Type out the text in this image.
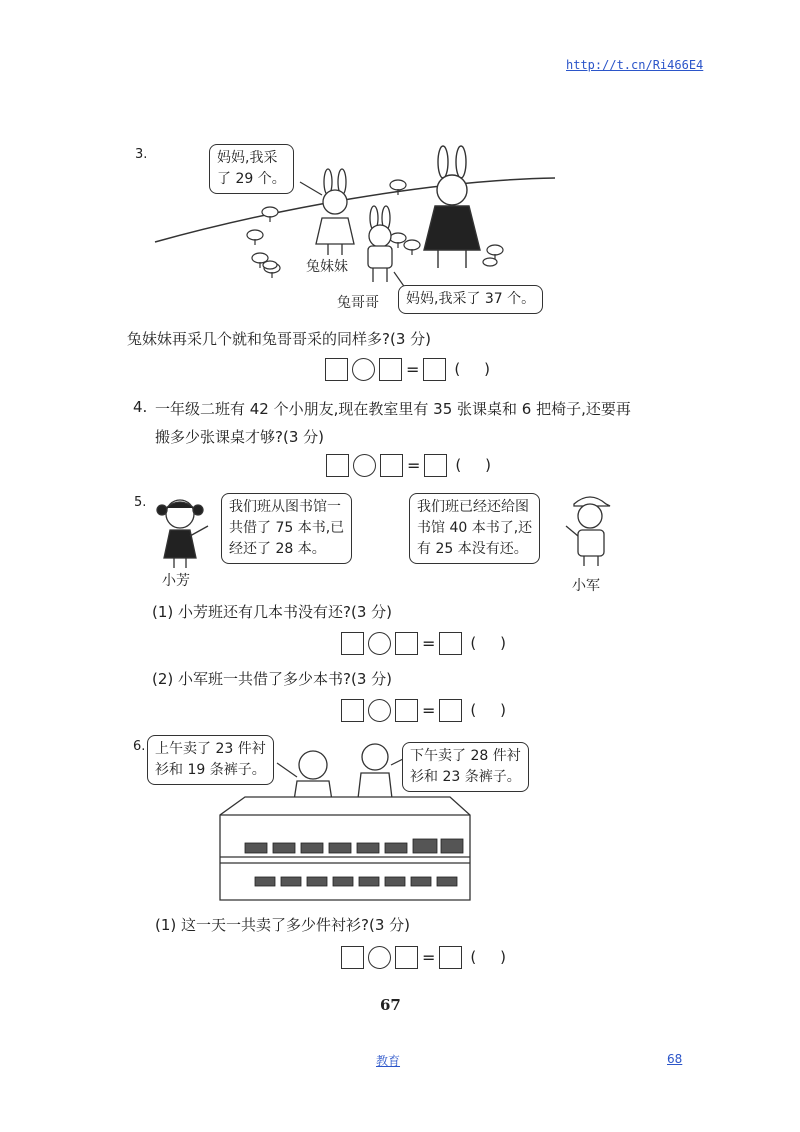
http://t.cn/Ri466E4
3.	妈妈,我采
了 29 个。
妈妈,我采了 37 个。
兔妹妹
兔哥哥
兔妹妹再采几个就和兔哥哥采的同样多?(3 分)
= (     )
4. 一年级二班有 42 个小朋友,现在教室里有 35 张课桌和 6 把椅子,还要再
搬多少张课桌才够?(3 分)
= (     )
5.	我们班从图书馆一
共借了 75 本书,已
经还了 28 本。
小芳
我们班已经还给图
书馆 40 本书了,还
有 25 本没有还。
小军
(1) 小芳班还有几本书没有还?(3 分)
= (     )
(2) 小军班一共借了多少本书?(3 分)
= (     )
6. 上午卖了 23 件衬
衫和 19 条裤子。
下午卖了 28 件衬
衫和 23 条裤子。
(1) 这一天一共卖了多少件衬衫?(3 分)
= (     )
67
教育	68
